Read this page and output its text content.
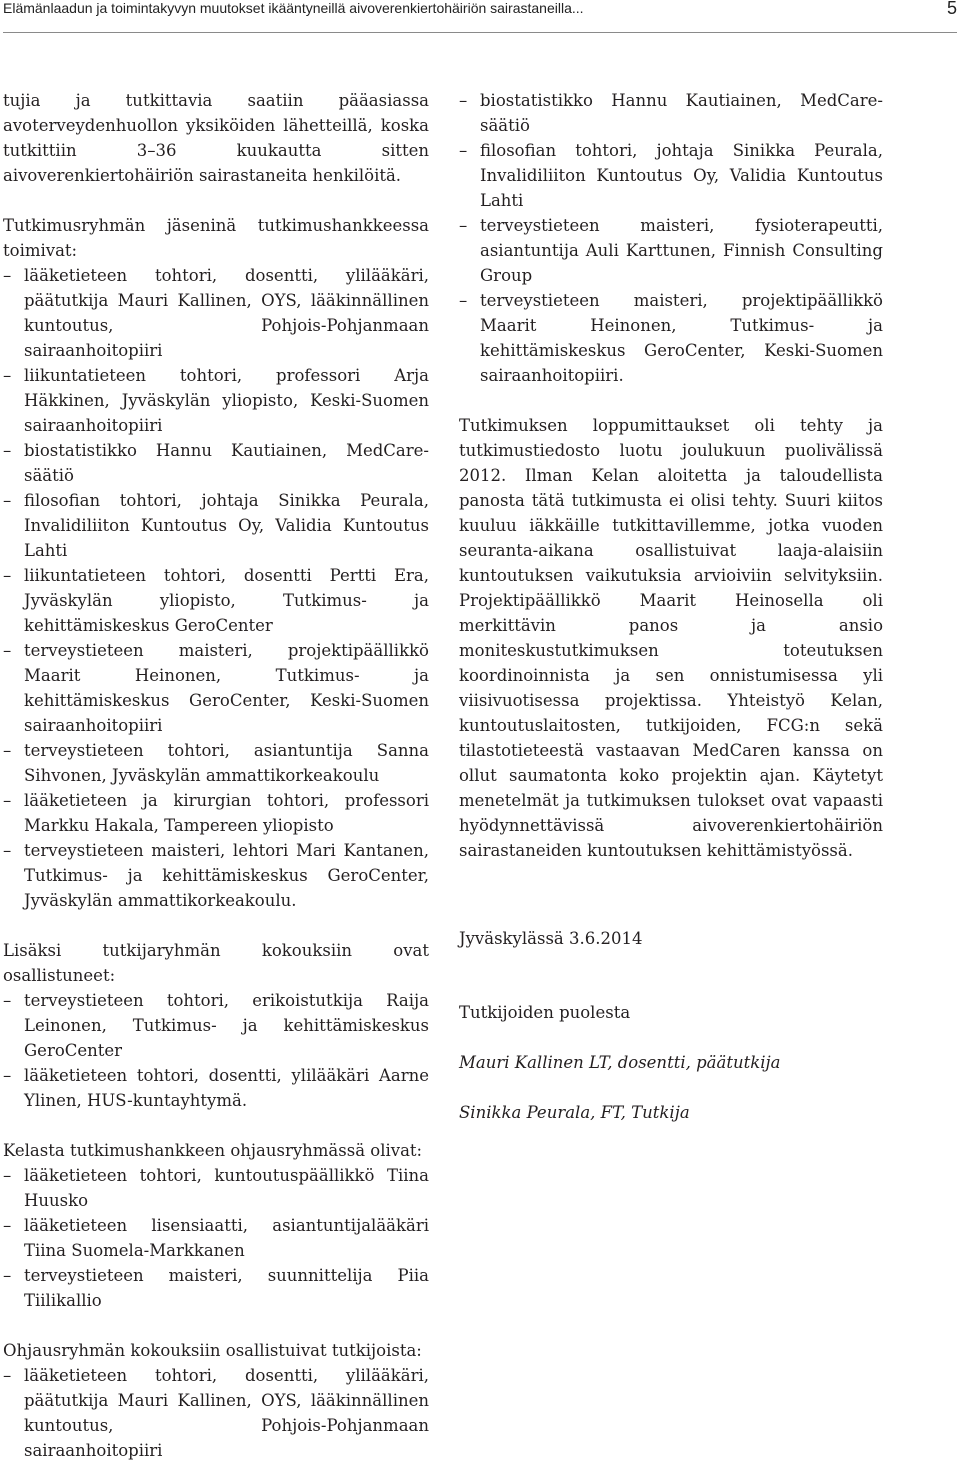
Elämänlaadun ja toimintakyvyn muutokset ikääntyneillä aivoverenkiertohäiriön sairastaneilla...	5

tujia ja tutkittavia saatiin pääasiassa avoterveydenhuollon yksiköiden lähetteillä, koska tutkittiin 3–36 kuukautta sitten aivoverenkiertohäiriön sairastaneita henkilöitä.

Tutkimusryhmän jäseninä tutkimushankkeessa toimivat:

– lääketieteen tohtori, dosentti, ylilääkäri, päätutkija Mauri Kallinen, OYS, lääkinnällinen kuntoutus, Pohjois-Pohjanmaan sairaanhoitopiiri
– liikuntatieteen tohtori, professori Arja Häkkinen, Jyväskylän yliopisto, Keski-Suomen sairaanhoitopiiri
– biostatistikko Hannu Kautiainen, MedCare-säätiö
– filosofian tohtori, johtaja Sinikka Peurala, Invalidiliiton Kuntoutus Oy, Validia Kuntoutus Lahti
– liikuntatieteen tohtori, dosentti Pertti Era, Jyväskylän yliopisto, Tutkimus- ja kehittämiskeskus GeroCenter
– terveystieteen maisteri, projektipäällikkö Maarit Heinonen, Tutkimus- ja kehittämiskeskus GeroCenter, Keski-Suomen sairaanhoitopiiri
– terveystieteen tohtori, asiantuntija Sanna Sihvonen, Jyväskylän ammattikorkeakoulu
– lääketieteen ja kirurgian tohtori, professori Markku Hakala, Tampereen yliopisto
– terveystieteen maisteri, lehtori Mari Kantanen, Tutkimus- ja kehittämiskeskus GeroCenter, Jyväskylän ammattikorkeakoulu.

Lisäksi tutkijaryhmän kokouksiin ovat osallistuneet:

– terveystieteen tohtori, erikoistutkija Raija Leinonen, Tutkimus- ja kehittämiskeskus GeroCenter
– lääketieteen tohtori, dosentti, ylilääkäri Aarne Ylinen, HUS-kuntayhtymä.

Kelasta tutkimushankkeen ohjausryhmässä olivat:

– lääketieteen tohtori, kuntoutuspäällikkö Tiina Huusko
– lääketieteen lisensiaatti, asiantuntijalääkäri Tiina Suomela-Markkanen
– terveystieteen maisteri, suunnittelija Piia Tiilikallio

Ohjausryhmän kokouksiin osallistuivat tutkijoista:

– lääketieteen tohtori, dosentti, ylilääkäri, päätutkija Mauri Kallinen, OYS, lääkinnällinen kuntoutus, Pohjois-Pohjanmaan sairaanhoitopiiri
– biostatistikko Hannu Kautiainen, MedCare-säätiö
– filosofian tohtori, johtaja Sinikka Peurala, Invalidiliiton Kuntoutus Oy, Validia Kuntoutus Lahti
– terveystieteen maisteri, fysioterapeutti, asiantuntija Auli Karttunen, Finnish Consulting Group
– terveystieteen maisteri, projektipäällikkö Maarit Heinonen, Tutkimus- ja kehittämiskeskus GeroCenter, Keski-Suomen sairaanhoitopiiri.

Tutkimuksen loppumittaukset oli tehty ja tutkimustiedosto luotu joulukuun puolivälissä 2012. Ilman Kelan aloitetta ja taloudellista panosta tätä tutkimusta ei olisi tehty. Suuri kiitos kuuluu iäkkäille tutkittavillemme, jotka vuoden seuranta-aikana osallistuivat laaja-alaisiin kuntoutuksen vaikutuksia arvioiviin selvityksiin. Projektipäällikkö Maarit Heinosella oli merkittävin panos ja ansio moniteskustutkimuksen toteutuksen koordinoinnista ja sen onnistumisessa yli viisivuotisessa projektissa. Yhteistyö Kelan, kuntoutuslaitosten, tutkijoiden, FCG:n sekä tilastotieteestä vastaavan MedCaren kanssa on ollut saumatonta koko projektin ajan. Käytetyt menetelmät ja tutkimuksen tulokset ovat vapaasti hyödynnettävissä aivoverenkiertohäiriön sairastaneiden kuntoutuksen kehittämistyössä.

Jyväskylässä 3.6.2014

Tutkijoiden puolesta

Mauri Kallinen LT, dosentti, päätutkija

Sinikka Peurala, FT, Tutkija
